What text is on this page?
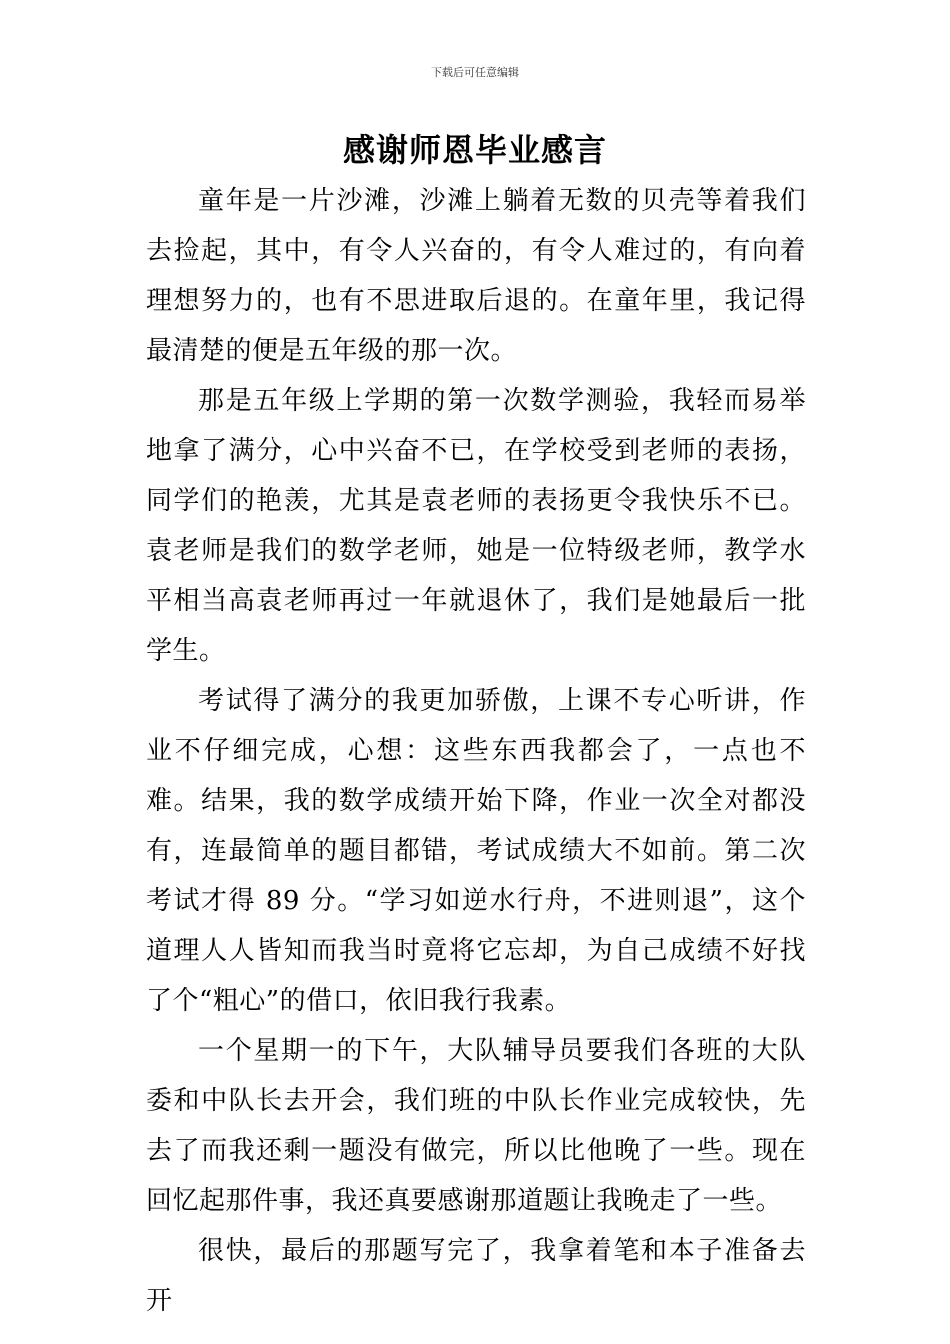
下载后可任意编辑
感谢师恩毕业感言

童年是一片沙滩，沙滩上躺着无数的贝壳等着我们去捡起，其中，有令人兴奋的，有令人难过的，有向着理想努力的，也有不思进取后退的。在童年里，我记得最清楚的便是五年级的那一次。

那是五年级上学期的第一次数学测验，我轻而易举地拿了满分，心中兴奋不已，在学校受到老师的表扬，同学们的艳羡，尤其是袁老师的表扬更令我快乐不已。袁老师是我们的数学老师，她是一位特级老师，教学水平相当高袁老师再过一年就退休了，我们是她最后一批学生。

考试得了满分的我更加骄傲，上课不专心听讲，作业不仔细完成，心想：这些东西我都会了，一点也不难。结果，我的数学成绩开始下降，作业一次全对都没有，连最简单的题目都错，考试成绩大不如前。第二次考试才得 89 分。“学习如逆水行舟，不进则退”，这个道理人人皆知而我当时竟将它忘却，为自己成绩不好找了个“粗心”的借口，依旧我行我素。

一个星期一的下午，大队辅导员要我们各班的大队委和中队长去开会，我们班的中队长作业完成较快，先去了而我还剩一题没有做完，所以比他晚了一些。现在回忆起那件事，我还真要感谢那道题让我晚走了一些。

很快，最后的那题写完了，我拿着笔和本子准备去开
